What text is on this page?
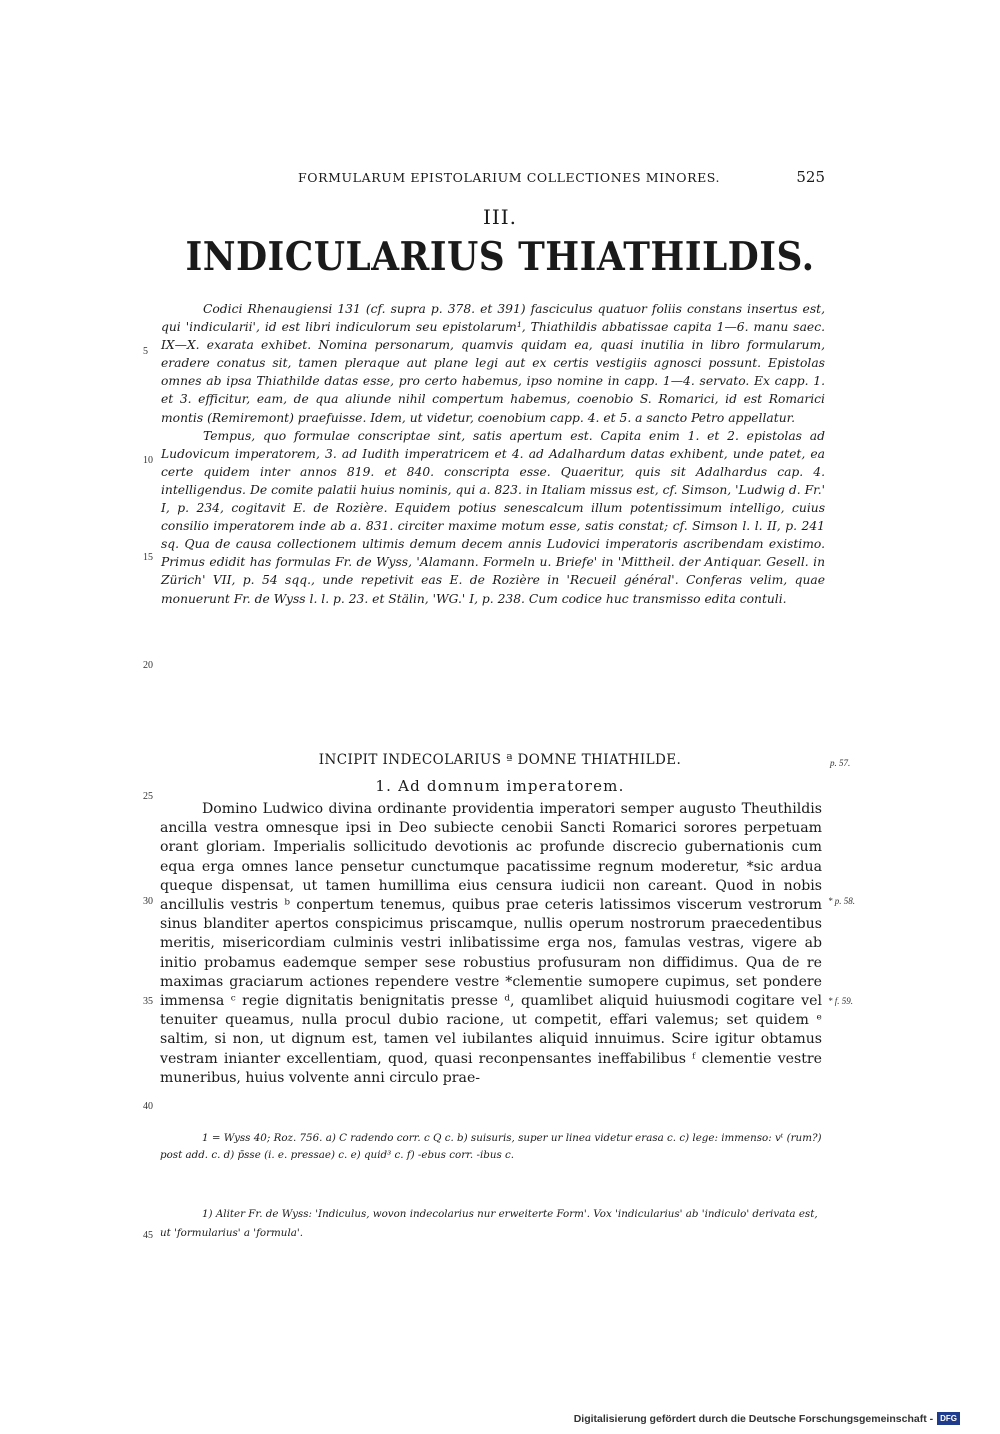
FORMULARUM EPISTOLARIUM COLLECTIONES MINORES.	525
III.
INDICULARIUS THIATHILDIS.

Codici Rhenaugiensi 131 (cf. supra p. 378. et 391) fasciculus quatuor foliis constans insertus est, qui 'indicularii', id est libri indiculorum seu epistolarum¹, Thiathildis abbatissae capita 1—6. manu saec. IX—X. exarata exhibet. Nomina personarum, quamvis quidam ea, quasi inutilia in libro formularum, eradere conatus sit, tamen pleraque aut plane legi aut ex certis vestigiis agnosci possunt. Epistolas omnes ab ipsa Thiathilde datas esse, pro certo habemus, ipso nomine in capp. 1—4. servato. Ex capp. 1. et 3. efficitur, eam, de qua aliunde nihil compertum habemus, coenobio S. Romarici, id est Romarici montis (Remiremont) praefuisse. Idem, ut videtur, coenobium capp. 4. et 5. a sancto Petro appellatur.

Tempus, quo formulae conscriptae sint, satis apertum est. Capita enim 1. et 2. epistolas ad Ludovicum imperatorem, 3. ad Iudith imperatricem et 4. ad Adalhardum datas exhibent, unde patet, ea certe quidem inter annos 819. et 840. conscripta esse. Quaeritur, quis sit Adalhardus cap. 4. intelligendus. De comite palatii huius nominis, qui a. 823. in Italiam missus est, cf. Simson, 'Ludwig d. Fr.' I, p. 234, cogitavit E. de Rozière. Equidem potius senescalcum illum potentissimum intelligo, cuius consilio imperatorem inde ab a. 831. circiter maxime motum esse, satis constat; cf. Simson l. l. II, p. 241 sq. Qua de causa collectionem ultimis demum decem annis Ludovici imperatoris ascribendam existimo. Primus edidit has formulas Fr. de Wyss, 'Alamann. Formeln u. Briefe' in 'Mittheil. der Antiquar. Gesell. in Zürich' VII, p. 54 sqq., unde repetivit eas E. de Rozière in 'Recueil général'. Conferas velim, quae monuerunt Fr. de Wyss l. l. p. 23. et Stälin, 'WG.' I, p. 238. Cum codice huc transmisso edita contuli.

5
10
15
20
INCIPIT INDECOLARIUS ª DOMNE THIATHILDE.	p. 57.
1. Ad domnum imperatorem.
25
30
35
40

Domino Ludwico divina ordinante providentia imperatori semper augusto Theuthildis ancilla vestra omnesque ipsi in Deo subiecte cenobii Sancti Romarici sorores perpetuam orant gloriam. Imperialis sollicitudo devotionis ac profunde discrecio gubernationis cum equa erga omnes lance pensetur cunctumque pacatissime regnum moderetur, *sic ardua queque dispensat, ut tamen humillima eius censura iudicii non careant. Quod in nobis ancillulis vestris ᵇ conpertum tenemus, quibus prae ceteris latissimos viscerum vestrorum sinus blanditer apertos conspicimus priscamque, nullis operum nostrorum praecedentibus meritis, misericordiam culminis vestri inlibatissime erga nos, famulas vestras, vigere ab initio probamus eademque semper sese robustius profusuram non diffidimus. Qua de re maximas graciarum actiones rependere vestre *clementie sumopere cupimus, set pondere immensa ᶜ regie dignitatis benignitatis presse ᵈ, quamlibet aliquid huiusmodi cogitare vel tenuiter queamus, nulla procul dubio racione, ut competit, effari valemus; set quidem ᵉ saltim, si non, ut dignum est, tamen vel iubilantes aliquid innuimus. Scire igitur obtamus vestram inianter excellentiam, quod, quasi reconpensantes ineffabilibus ᶠ clementie vestre muneribus, huius volvente anni circulo prae-

* p. 58.
* f. 59.

1 = Wyss 40; Roz. 756. a) C radendo corr. c Q c. b) suisuris, super ur linea videtur erasa c. c) lege: immenso: vᵗ (rum?) post add. c. d) p̄sse (i. e. pressae) c. e) quid³ c. f) -ebus corr. -ibus c.

1) Aliter Fr. de Wyss: 'Indiculus, wovon indecolarius nur erweiterte Form'. Vox 'indicularius' ab 'indiculo' derivata est, ut 'formularius' a 'formula'.

45
Digitalisierung gefördert durch die Deutsche Forschungsgemeinschaft - DFG
